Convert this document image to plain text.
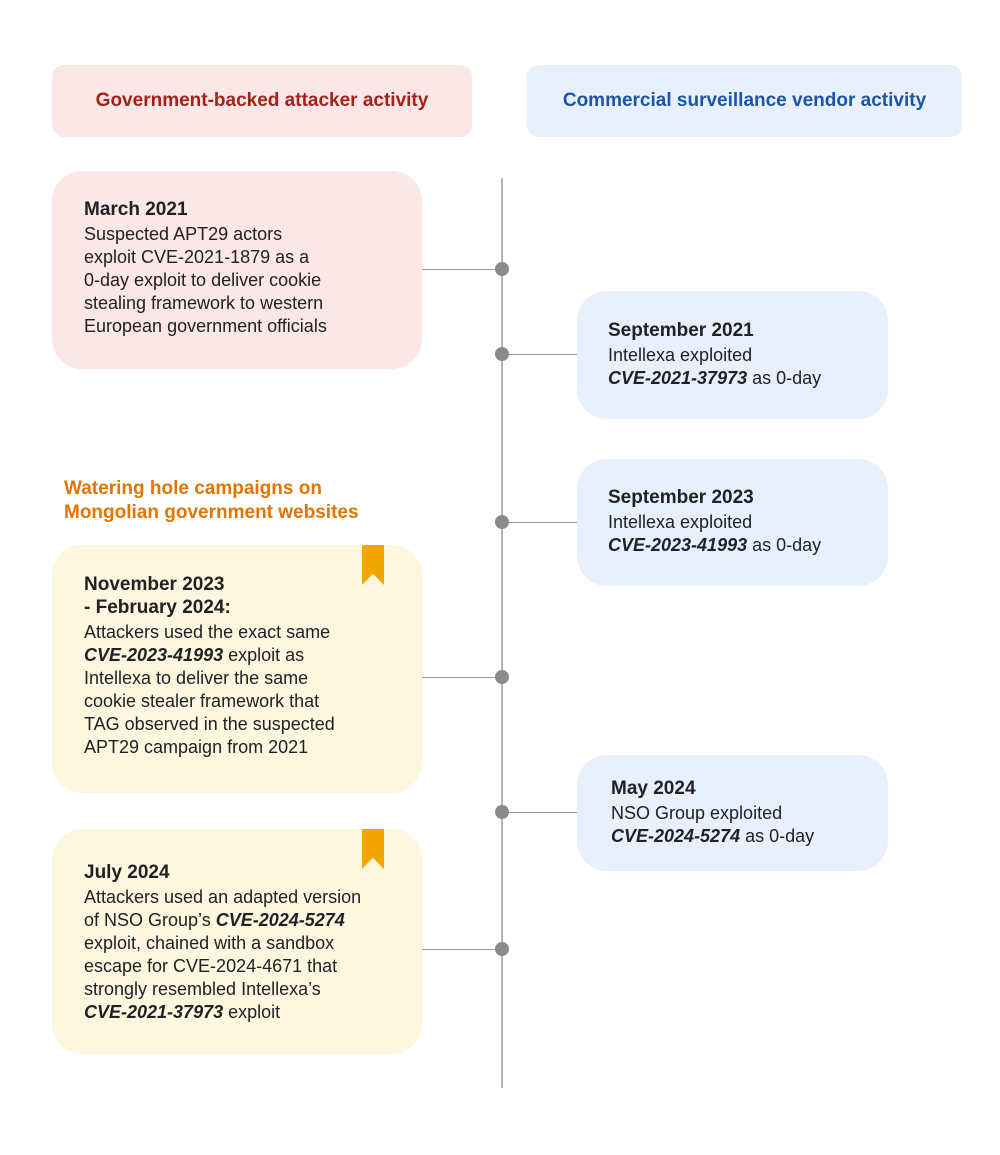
Government-backed attacker activity	Commercial surveillance vendor activity
March 2021
Suspected APT29 actors
exploit CVE-2021-1879 as a
0-day exploit to deliver cookie
stealing framework to western
European government officials	September 2021
Intellexa exploited
CVE-2021-37973 as 0-day
Watering hole campaigns on
Mongolian government websites
September 2023
Intellexa exploited
CVE-2023-41993 as 0-day
November 2023
- February 2024:
Attackers used the exact same
CVE-2023-41993 exploit as
Intellexa to deliver the same
cookie stealer framework that
TAG observed in the suspected
APT29 campaign from 2021
May 2024
NSO Group exploited
CVE-2024-5274 as 0-day
July 2024
Attackers used an adapted version
of NSO Group’s CVE-2024-5274
exploit, chained with a sandbox
escape for CVE-2024-4671 that
strongly resembled Intellexa’s
CVE-2021-37973 exploit
